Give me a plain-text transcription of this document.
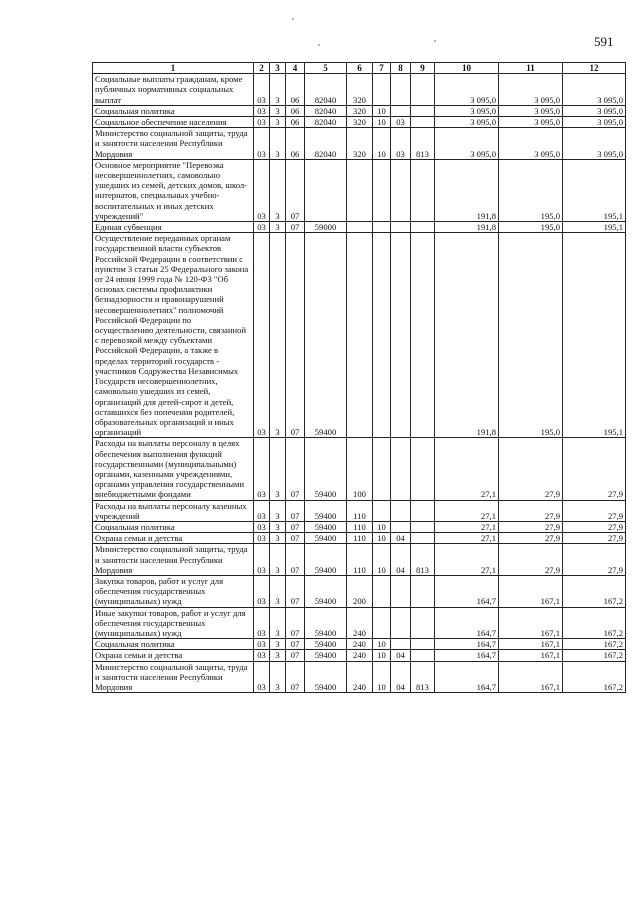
591
1	2	3	4	5	6	7	8	9	10	11	12
Социальные выплаты гражданам, кроме публичных нормативных социальных выплат	03	3	06	82040	320				3 095,0	3 095,0	3 095,0
Социальная политика	03	3	06	82040	320	10			3 095,0	3 095,0	3 095,0
Социальное обеспечение населения	03	3	06	82040	320	10	03		3 095,0	3 095,0	3 095,0
Министерство социальной защиты, труда и занятости населения Республики Мордовия	03	3	06	82040	320	10	03	813	3 095,0	3 095,0	3 095,0
Основное мероприятие "Перевозка несовершеннолетних, самовольно ушедших из семей, детских домов, школ-интернатов, специальных учебно-воспитательных и иных детских учреждений"	03	3	07						191,8	195,0	195,1
Единая субвенция	03	3	07	59000					191,8	195,0	195,1
Осуществление переданных органам государственной власти субъектов Российской Федерации в соответствии с пунктом 3 статьи 25 Федерального закона от 24 июня 1999 года № 120-ФЗ "Об основах системы профилактики безнадзорности и правонарушений несовершеннолетних" полномочий Российской Федерации по осуществлению деятельности, связанной с перевозкой между субъектами Российской Федерации, а также в пределах территорий государств - участников Содружества Независимых Государств несовершеннолетних, самовольно ушедших из семей, организаций для детей-сирот и детей, оставшихся без попечения родителей, образовательных организаций и иных организаций	03	3	07	59400					191,8	195,0	195,1
Расходы на выплаты персоналу в целях обеспечения выполнения функций государственными (муниципальными) органами, казенными учреждениями, органами управления государственными внебюджетными фондами	03	3	07	59400	100				27,1	27,9	27,9
Расходы на выплаты персоналу казенных учреждений	03	3	07	59400	110				27,1	27,9	27,9
Социальная политика	03	3	07	59400	110	10			27,1	27,9	27,9
Охрана семьи и детства	03	3	07	59400	110	10	04		27,1	27,9	27,9
Министерство социальной защиты, труда и занятости населения Республики Мордовия	03	3	07	59400	110	10	04	813	27,1	27,9	27,9
Закупка товаров, работ и услуг для обеспечения государственных (муниципальных) нужд	03	3	07	59400	200				164,7	167,1	167,2
Иные закупки товаров, работ и услуг для обеспечения государственных (муниципальных) нужд	03	3	07	59400	240				164,7	167,1	167,2
Социальная политика	03	3	07	59400	240	10			164,7	167,1	167,2
Охрана семьи и детства	03	3	07	59400	240	10	04		164,7	167,1	167,2
Министерство социальной защиты, труда и занятости населения Республики Мордовия	03	3	07	59400	240	10	04	813	164,7	167,1	167,2
